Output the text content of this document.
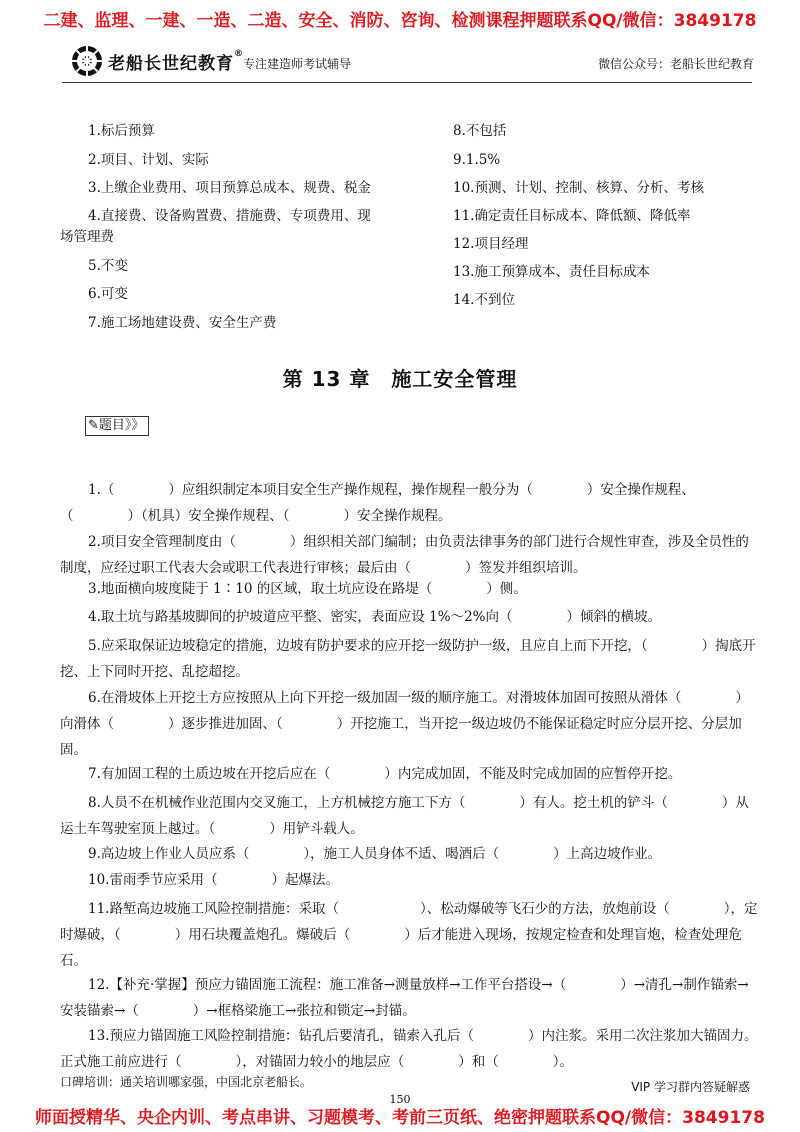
二建、监理、一建、一造、二造、安全、消防、咨询、检测课程押题联系QQ/微信：3849178
老船长世纪教育®
专注建造师考试辅导	微信公众号：老船长世纪教育
1.标后预算
2.项目、计划、实际
3.上缴企业费用、项目预算总成本、规费、税金
4.直接费、设备购置费、措施费、专项费用、现
场管理费
5.不变
6.可变
7.施工场地建设费、安全生产费
8.不包括
9.1.5%
10.预测、计划、控制、核算、分析、考核
11.确定责任目标成本、降低额、降低率
12.项目经理
13.施工预算成本、责任目标成本
14.不到位
第 13 章　施工安全管理
✎题目》》
1.（　　　　）应组织制定本项目安全生产操作规程，操作规程一般分为（　　　　）安全操作规程、（　　　　）（机具）安全操作规程、（　　　　）安全操作规程。
2.项目安全管理制度由（　　　　）组织相关部门编制；由负责法律事务的部门进行合规性审查，涉及全员性的制度，应经过职工代表大会或职工代表进行审核；最后由（　　　　）签发并组织培训。
3.地面横向坡度陡于 1∶10 的区域，取土坑应设在路堤（　　　　）侧。
4.取土坑与路基坡脚间的护坡道应平整、密实，表面应设 1%～2%向（　　　　）倾斜的横坡。
5.应采取保证边坡稳定的措施，边坡有防护要求的应开挖一级防护一级，且应自上而下开挖，（　　　　）掏底开挖、上下同时开挖、乱挖超挖。
6.在滑坡体上开挖土方应按照从上向下开挖一级加固一级的顺序施工。对滑坡体加固可按照从滑体（　　　　）向滑体（　　　　）逐步推进加固、（　　　　）开挖施工，当开挖一级边坡仍不能保证稳定时应分层开挖、分层加固。
7.有加固工程的土质边坡在开挖后应在（　　　　）内完成加固，不能及时完成加固的应暂停开挖。
8.人员不在机械作业范围内交叉施工，上方机械挖方施工下方（　　　　）有人。挖土机的铲斗（　　　　）从运土车驾驶室顶上越过。（　　　　）用铲斗载人。
9.高边坡上作业人员应系（　　　　），施工人员身体不适、喝酒后（　　　　）上高边坡作业。
10.雷雨季节应采用（　　　　）起爆法。
11.路堑高边坡施工风险控制措施：采取（　　　　　　）、松动爆破等飞石少的方法，放炮前设（　　　　），定时爆破，（　　　　）用石块覆盖炮孔。爆破后（　　　　）后才能进入现场，按规定检查和处理盲炮，检查处理危石。
12.【补充·掌握】预应力锚固施工流程：施工准备→测量放样→工作平台搭设→（　　　　）→清孔→制作锚索→安装锚索→（　　　　）→框格梁施工→张拉和锁定→封锚。
13.预应力锚固施工风险控制措施：钻孔后要清孔，锚索入孔后（　　　　）内注浆。采用二次注浆加大锚固力。正式施工前应进行（　　　　），对锚固力较小的地层应（　　　　）和（　　　　）。
口碑培训：通关培训哪家强，中国北京老船长。	VIP 学习群内答疑解惑
150
师面授精华、央企内训、考点串讲、习题模考、考前三页纸、绝密押题联系QQ/微信：3849178
